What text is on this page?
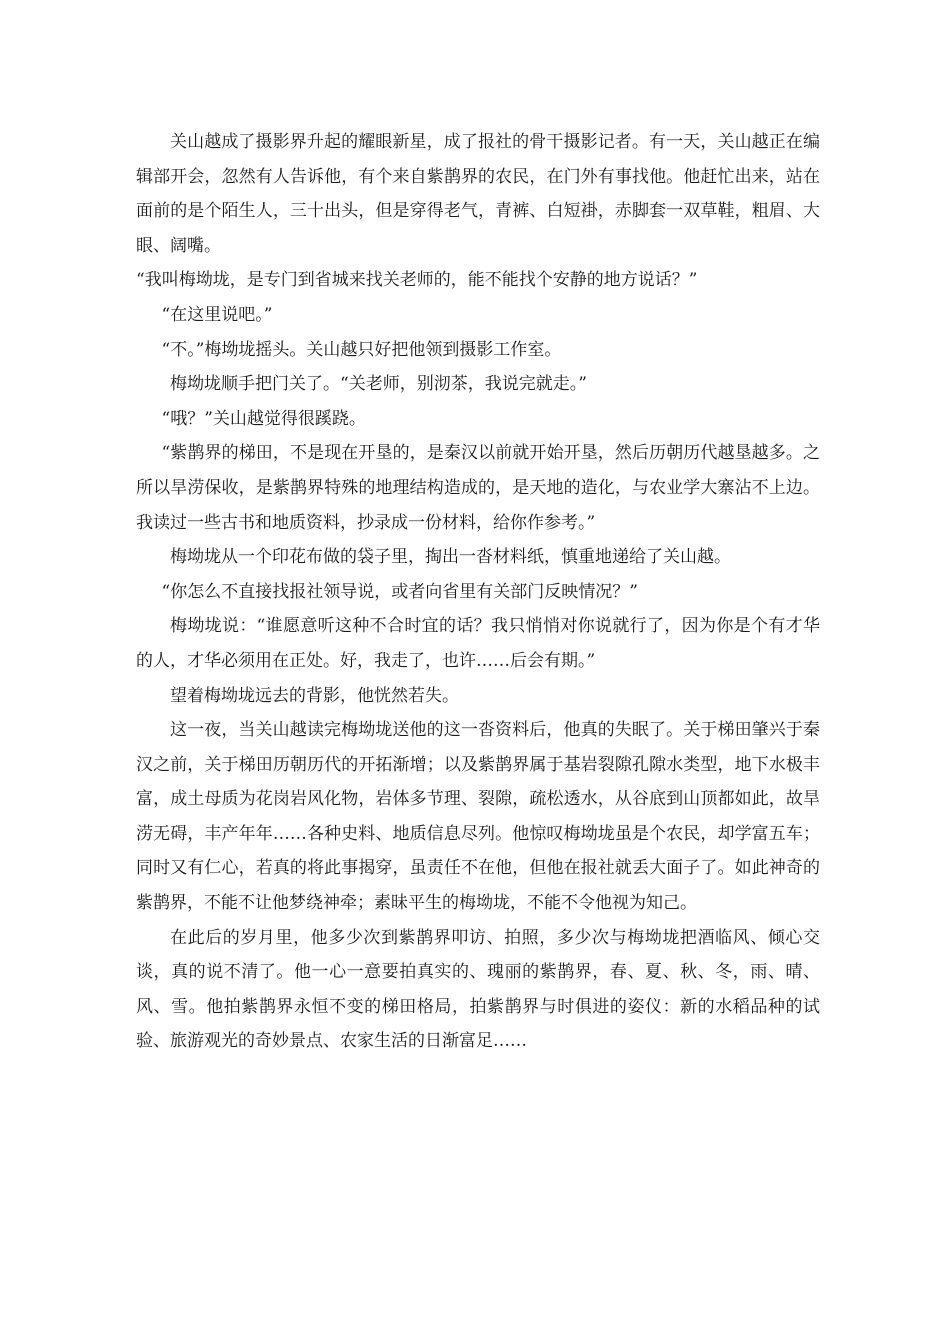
关山越成了摄影界升起的耀眼新星，成了报社的骨干摄影记者。有一天，关山越正在编辑部开会，忽然有人告诉他，有个来自紫鹊界的农民，在门外有事找他。他赶忙出来，站在面前的是个陌生人，三十出头，但是穿得老气，青裤、白短褂，赤脚套一双草鞋，粗眉、大眼、阔嘴。

“我叫梅坳垅，是专门到省城来找关老师的，能不能找个安静的地方说话？”

“在这里说吧。”

“不。”梅坳垅摇头。关山越只好把他领到摄影工作室。

梅坳垅顺手把门关了。“关老师，别沏茶，我说完就走。”

“哦？”关山越觉得很蹊跷。

“紫鹊界的梯田，不是现在开垦的，是秦汉以前就开始开垦，然后历朝历代越垦越多。之所以旱涝保收，是紫鹊界特殊的地理结构造成的，是天地的造化，与农业学大寨沾不上边。我读过一些古书和地质资料，抄录成一份材料，给你作参考。”

梅坳垅从一个印花布做的袋子里，掏出一沓材料纸，慎重地递给了关山越。

“你怎么不直接找报社领导说，或者向省里有关部门反映情况？”

梅坳垅说：“谁愿意听这种不合时宜的话？我只悄悄对你说就行了，因为你是个有才华的人，才华必须用在正处。好，我走了，也许……后会有期。”

望着梅坳垅远去的背影，他恍然若失。

这一夜，当关山越读完梅坳垅送他的这一沓资料后，他真的失眠了。关于梯田肇兴于秦汉之前，关于梯田历朝历代的开拓渐增；以及紫鹊界属于基岩裂隙孔隙水类型，地下水极丰富，成土母质为花岗岩风化物，岩体多节理、裂隙，疏松透水，从谷底到山顶都如此，故旱涝无碍，丰产年年……各种史料、地质信息尽列。他惊叹梅坳垅虽是个农民，却学富五车；同时又有仁心，若真的将此事揭穿，虽责任不在他，但他在报社就丢大面子了。如此神奇的紫鹊界，不能不让他梦绕神牵；素昧平生的梅坳垅，不能不令他视为知己。

在此后的岁月里，他多少次到紫鹊界叩访、拍照，多少次与梅坳垅把酒临风、倾心交谈，真的说不清了。他一心一意要拍真实的、瑰丽的紫鹊界，春、夏、秋、冬，雨、晴、风、雪。他拍紫鹊界永恒不变的梯田格局，拍紫鹊界与时俱进的姿仪：新的水稻品种的试验、旅游观光的奇妙景点、农家生活的日渐富足……
